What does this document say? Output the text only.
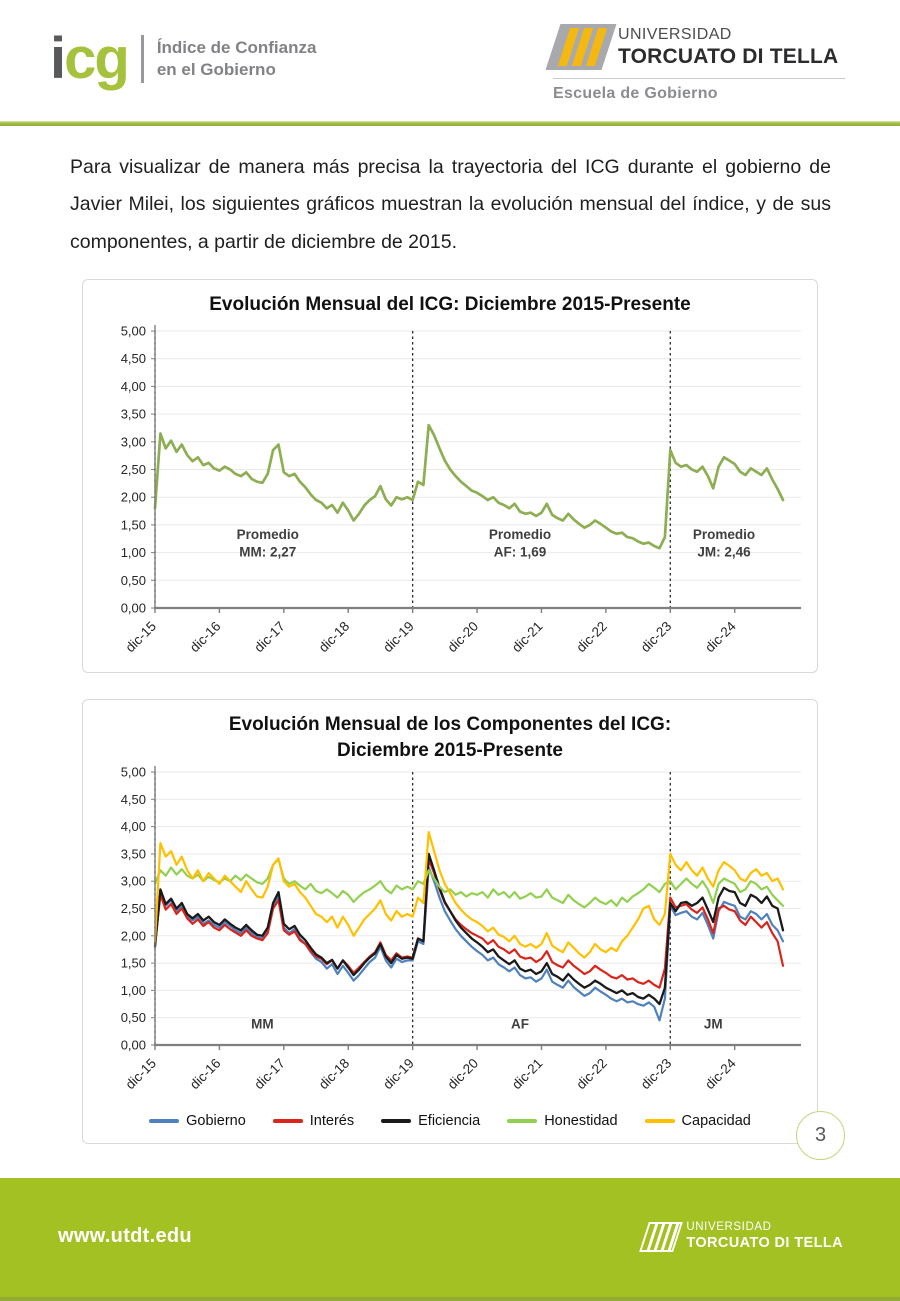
icg Índice de Confianza
en el Gobierno
UNIVERSIDAD
TORCUATO DI TELLA
Escuela de Gobierno

Para visualizar de manera más precisa la trayectoria del ICG durante el gobierno de Javier Milei, los siguientes gráficos muestran la evolución mensual del índice, y de sus componentes, a partir de diciembre de 2015.

Evolución Mensual del ICG: Diciembre 2015-Presente
0,00
0,50
1,00
1,50
2,00
2,50
3,00
3,50
4,00
4,50
5,00
dic-15 dic-16 dic-17 dic-18 dic-19 dic-20 dic-21 dic-22 dic-23 dic-24
Promedio MM: 2,27
Promedio AF: 1,69
Promedio JM: 2,46
Evolución Mensual de los Componentes del ICG:
Diciembre 2015-Presente
0,00
0,50
1,00
1,50
2,00
2,50
3,00
3,50
4,00
4,50
5,00
dic-15 dic-16 dic-17 dic-18 dic-19 dic-20 dic-21 dic-22 dic-23 dic-24
MM	AF	JM
Gobierno	Interés	Eficiencia	Honestidad	Capacidad
3
www.utdt.edu	UNIVERSIDAD
TORCUATO DI TELLA
